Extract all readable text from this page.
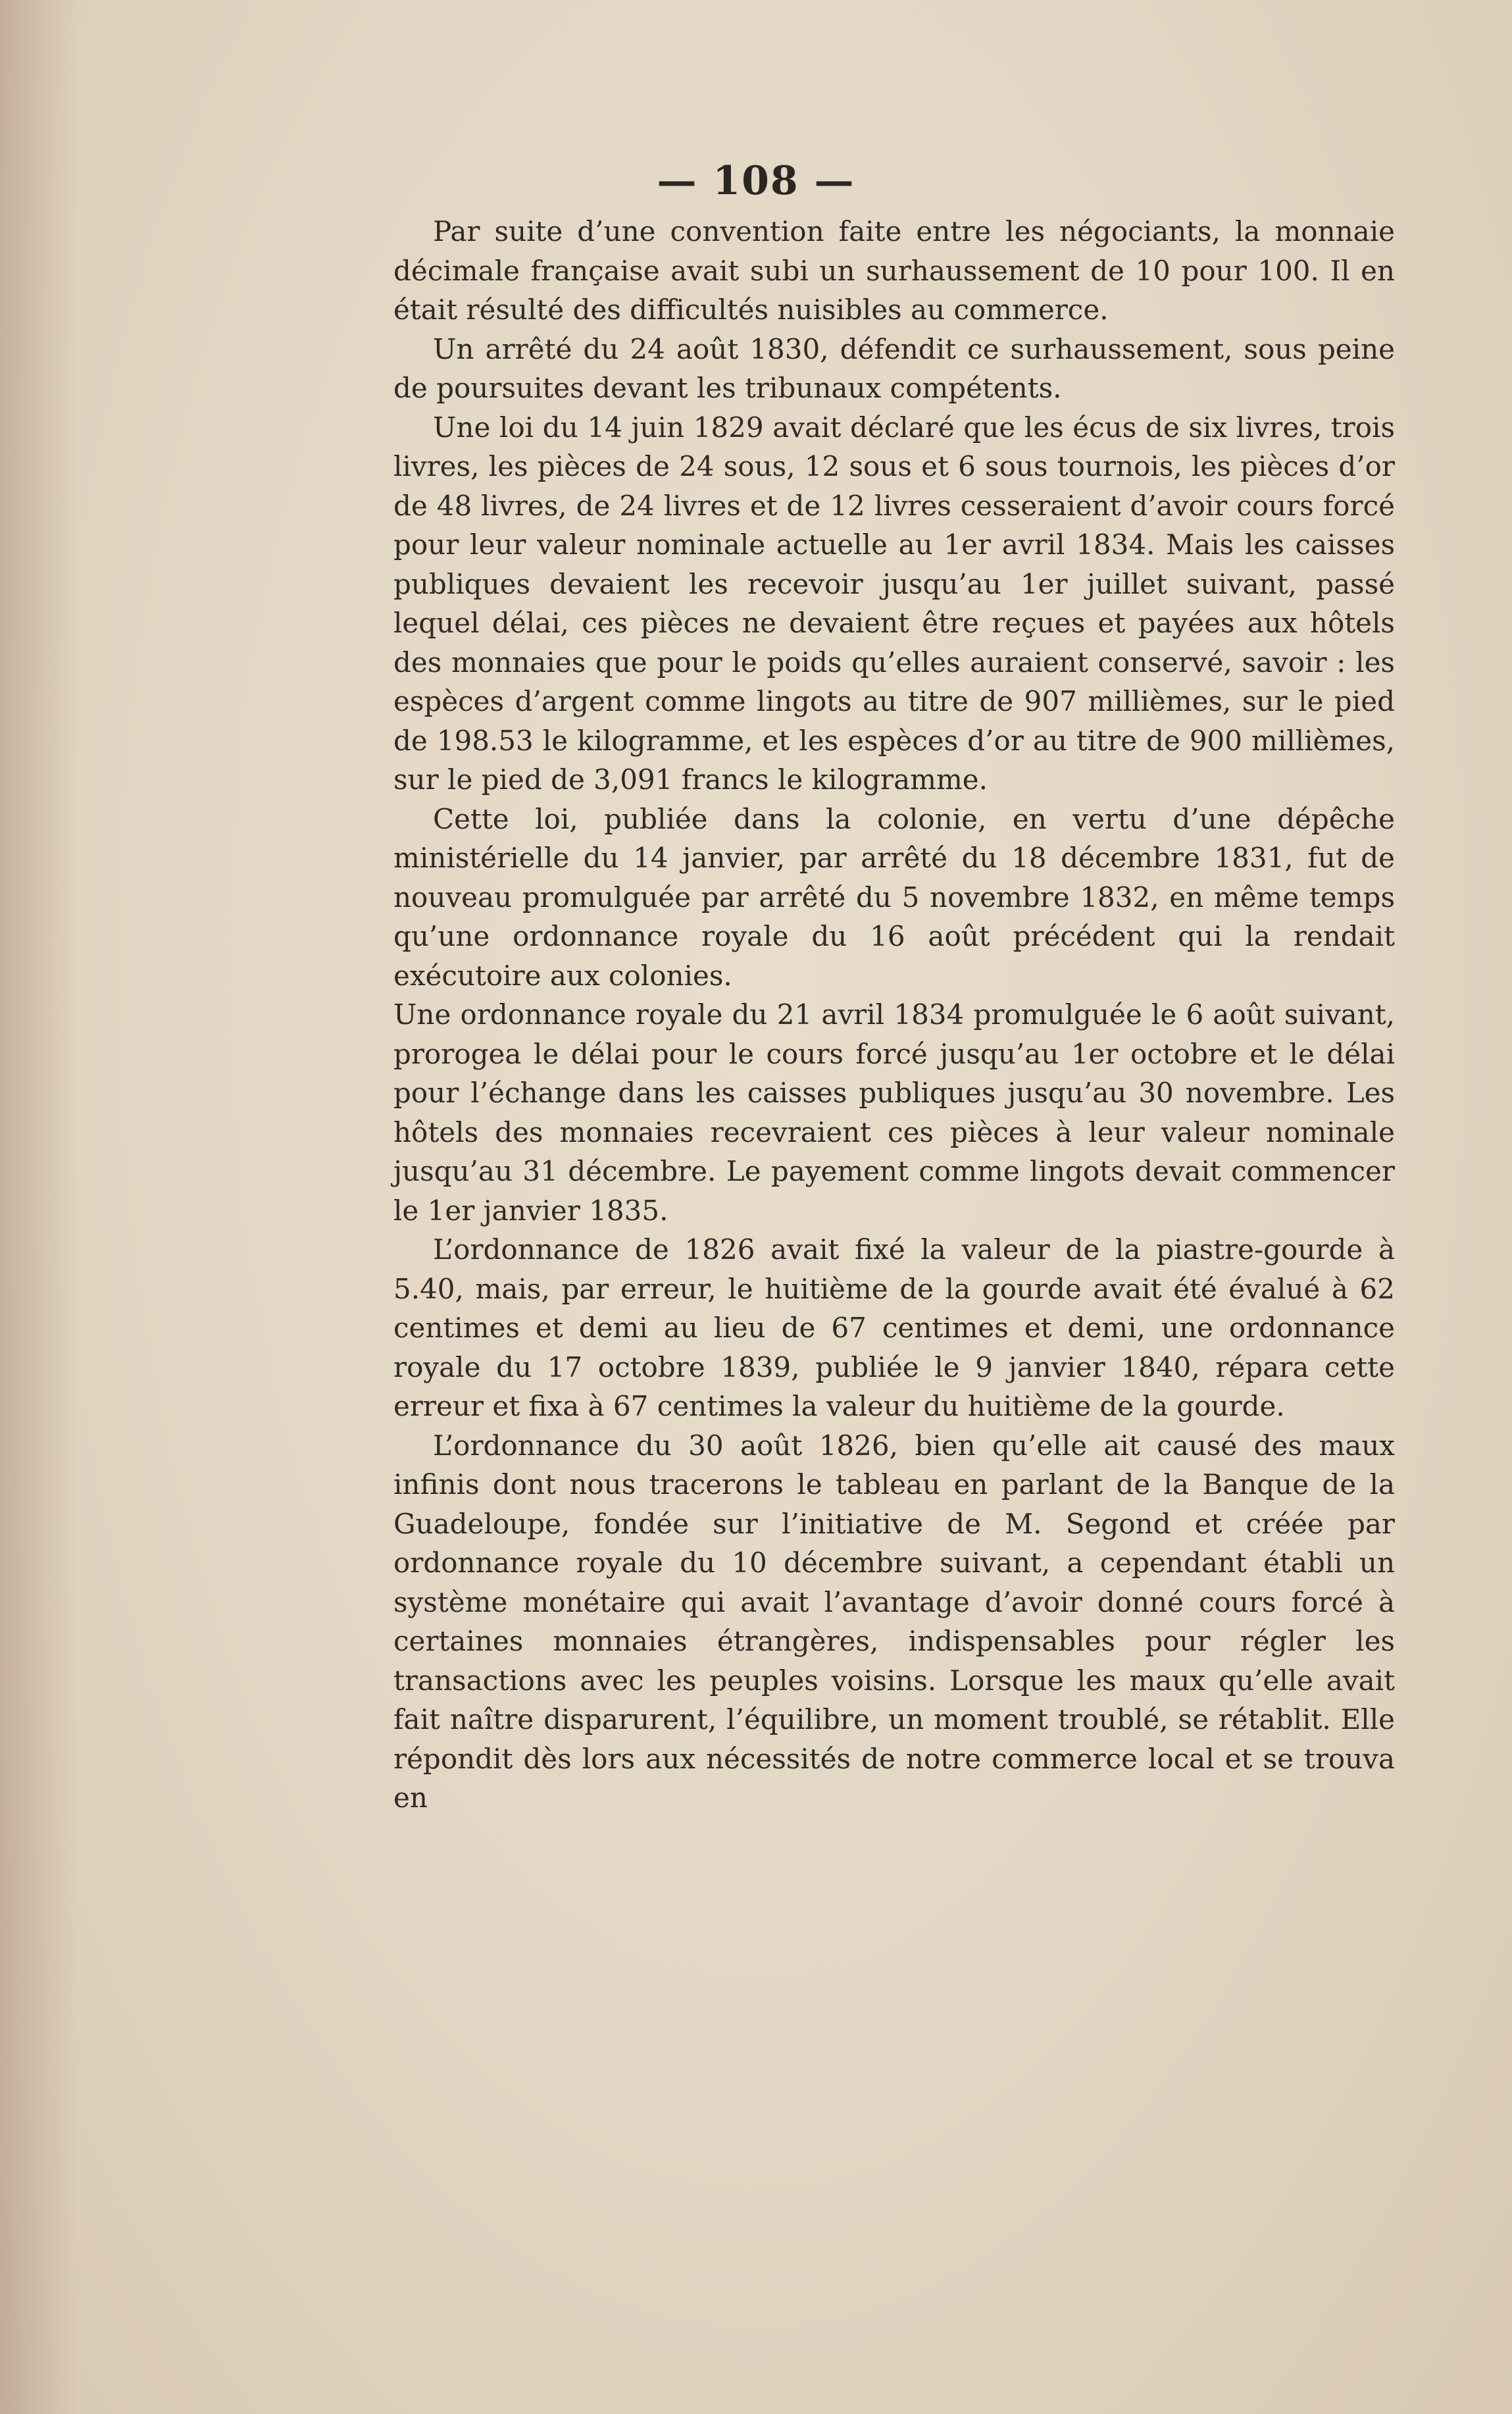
— 108 —

Par suite d’une convention faite entre les négociants, la monnaie décimale française avait subi un surhaussement de 10 pour 100. Il en était résulté des difficultés nuisibles au commerce.

Un arrêté du 24 août 1830, défendit ce surhaussement, sous peine de poursuites devant les tribunaux compétents.

Une loi du 14 juin 1829 avait déclaré que les écus de six livres, trois livres, les pièces de 24 sous, 12 sous et 6 sous tournois, les pièces d’or de 48 livres, de 24 livres et de 12 livres cesseraient d’avoir cours forcé pour leur valeur nominale actuelle au 1er avril 1834. Mais les caisses publiques devaient les recevoir jusqu’au 1er juillet suivant, passé lequel délai, ces pièces ne devaient être reçues et payées aux hôtels des monnaies que pour le poids qu’elles auraient conservé, savoir : les espèces d’argent comme lingots au titre de 907 millièmes, sur le pied de 198.53 le kilogramme, et les espèces d’or au titre de 900 millièmes, sur le pied de 3,091 francs le kilogramme.

Cette loi, publiée dans la colonie, en vertu d’une dépêche ministérielle du 14 janvier, par arrêté du 18 décembre 1831, fut de nouveau promulguée par arrêté du 5 novembre 1832, en même temps qu’une ordonnance royale du 16 août précédent qui la rendait exécutoire aux colonies.

Une ordonnance royale du 21 avril 1834 promulguée le 6 août suivant, prorogea le délai pour le cours forcé jusqu’au 1er octobre et le délai pour l’échange dans les caisses publiques jusqu’au 30 novembre. Les hôtels des monnaies recevraient ces pièces à leur valeur nominale jusqu’au 31 décembre. Le payement comme lingots devait commencer le 1er janvier 1835.

L’ordonnance de 1826 avait fixé la valeur de la piastre-gourde à 5.40, mais, par erreur, le huitième de la gourde avait été évalué à 62 centimes et demi au lieu de 67 centimes et demi, une ordonnance royale du 17 octobre 1839, publiée le 9 janvier 1840, répara cette erreur et fixa à 67 centimes la valeur du huitième de la gourde.

L’ordonnance du 30 août 1826, bien qu’elle ait causé des maux infinis dont nous tracerons le tableau en parlant de la Banque de la Guadeloupe, fondée sur l’initiative de M. Segond et créée par ordonnance royale du 10 décembre suivant, a cependant établi un système monétaire qui avait l’avantage d’avoir donné cours forcé à certaines monnaies étrangères, indispensables pour régler les transactions avec les peuples voisins. Lorsque les maux qu’elle avait fait naître disparurent, l’équilibre, un moment troublé, se rétablit. Elle répondit dès lors aux nécessités de notre commerce local et se trouva en
